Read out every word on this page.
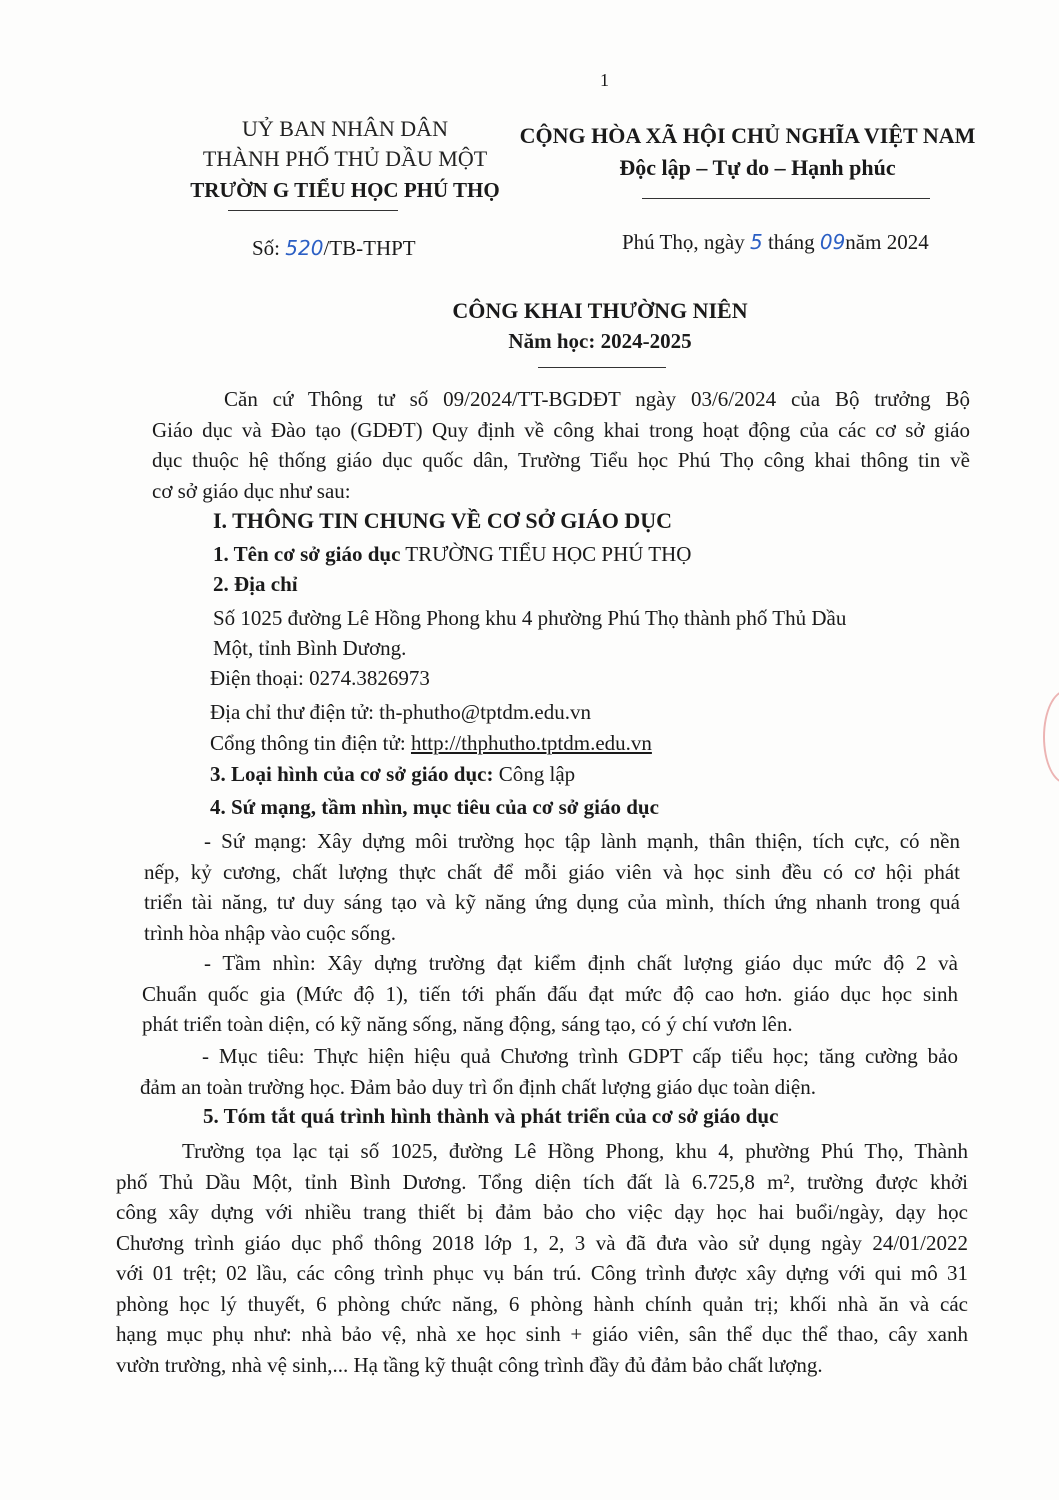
1
UỶ BAN NHÂN DÂN
THÀNH PHỐ THỦ DẦU MỘT
TRƯỜN G TIỂU HỌC PHÚ THỌ
CỘNG HÒA XÃ HỘI CHỦ NGHĨA VIỆT NAM
Độc lập – Tự do – Hạnh phúc
Số: 520/TB-THPT	Phú Thọ, ngày 5 tháng 09năm 2024
CÔNG KHAI THƯỜNG NIÊN
Năm học: 2024-2025
Căn cứ Thông tư số 09/2024/TT-BGDĐT ngày 03/6/2024 của Bộ trưởng Bộ
Giáo dục và Đào tạo (GDĐT) Quy định về công khai trong hoạt động của các cơ sở giáo
dục thuộc hệ thống giáo dục quốc dân, Trường Tiểu học Phú Thọ công khai thông tin về
cơ sở giáo dục như sau:
I. THÔNG TIN CHUNG VỀ CƠ SỞ GIÁO DỤC
1. Tên cơ sở giáo dục TRƯỜNG TIỂU HỌC PHÚ THỌ
2. Địa chỉ
Số 1025 đường Lê Hồng Phong khu 4 phường Phú Thọ thành phố Thủ Dầu
Một, tỉnh Bình Dương.
Điện thoại: 0274.3826973
Địa chỉ thư điện tử: th-phutho@tptdm.edu.vn
Cổng thông tin điện tử: http://thphutho.tptdm.edu.vn
3. Loại hình của cơ sở giáo dục: Công lập
4. Sứ mạng, tầm nhìn, mục tiêu của cơ sở giáo dục
- Sứ mạng: Xây dựng môi trường học tập lành mạnh, thân thiện, tích cực, có nền
nếp, kỷ cương, chất lượng thực chất để mỗi giáo viên và học sinh đều có cơ hội phát
triển tài năng, tư duy sáng tạo và kỹ năng ứng dụng của mình, thích ứng nhanh trong quá
trình hòa nhập vào cuộc sống.
- Tầm nhìn: Xây dựng trường đạt kiểm định chất lượng giáo dục mức độ 2 và
Chuẩn quốc gia (Mức độ 1), tiến tới phấn đấu đạt mức độ cao hơn. giáo dục học sinh
phát triển toàn diện, có kỹ năng sống, năng động, sáng tạo, có ý chí vươn lên.
- Mục tiêu: Thực hiện hiệu quả Chương trình GDPT cấp tiểu học; tăng cường bảo
đảm an toàn trường học. Đảm bảo duy trì ổn định chất lượng giáo dục toàn diện.
5. Tóm tắt quá trình hình thành và phát triển của cơ sở giáo dục
Trường tọa lạc tại số 1025, đường Lê Hồng Phong, khu 4, phường Phú Thọ, Thành
phố Thủ Dầu Một, tỉnh Bình Dương. Tổng diện tích đất là 6.725,8 m², trường được khởi
công xây dựng với nhiều trang thiết bị đảm bảo cho việc dạy học hai buổi/ngày, dạy học
Chương trình giáo dục phổ thông 2018 lớp 1, 2, 3 và đã đưa vào sử dụng ngày 24/01/2022
với 01 trệt; 02 lầu, các công trình phục vụ bán trú. Công trình được xây dựng với qui mô 31
phòng học lý thuyết, 6 phòng chức năng, 6 phòng hành chính quản trị; khối nhà ăn và các
hạng mục phụ như: nhà bảo vệ, nhà xe học sinh + giáo viên, sân thể dục thể thao, cây xanh
vườn trường, nhà vệ sinh,... Hạ tầng kỹ thuật công trình đầy đủ đảm bảo chất lượng.
